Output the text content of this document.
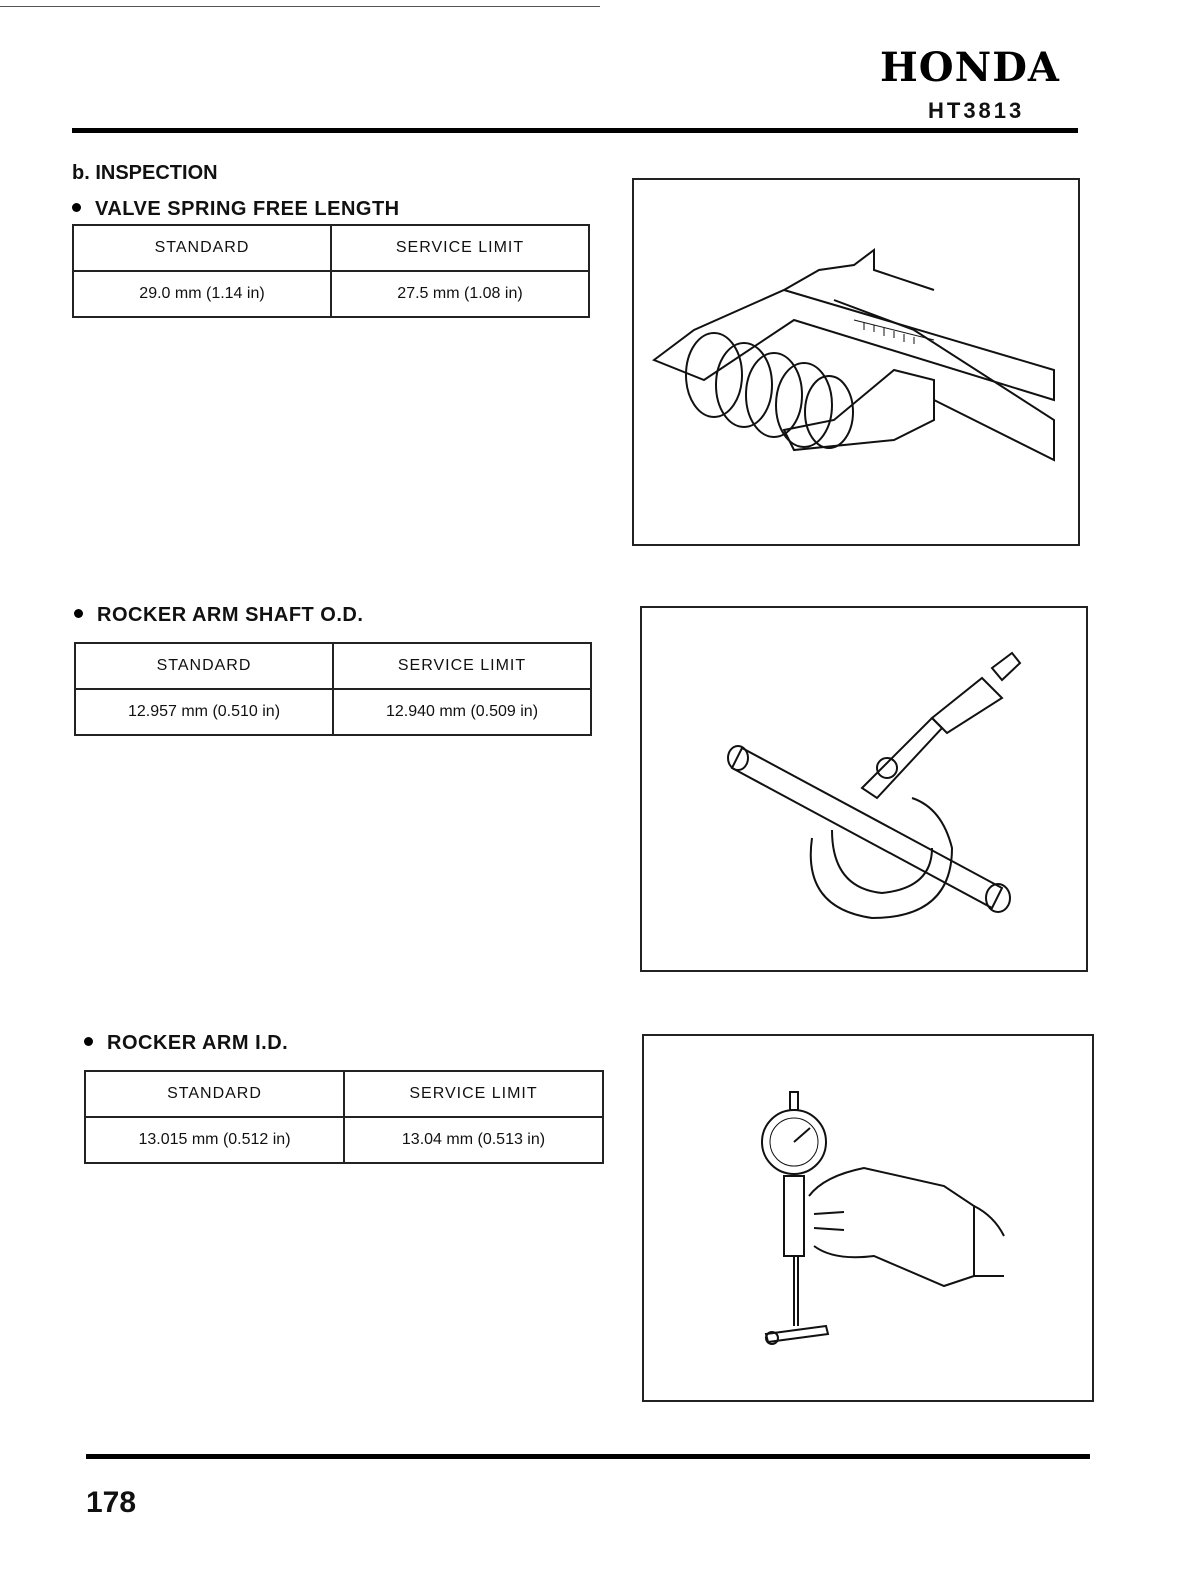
HONDA
HT3813
b. INSPECTION
VALVE SPRING FREE LENGTH
STANDARD	SERVICE LIMIT
29.0 mm (1.14 in)	27.5 mm (1.08 in)
ROCKER ARM SHAFT O.D.
STANDARD	SERVICE LIMIT
12.957 mm (0.510 in)	12.940 mm (0.509 in)
ROCKER ARM I.D.
STANDARD	SERVICE LIMIT
13.015 mm (0.512 in)	13.04 mm (0.513 in)
178
